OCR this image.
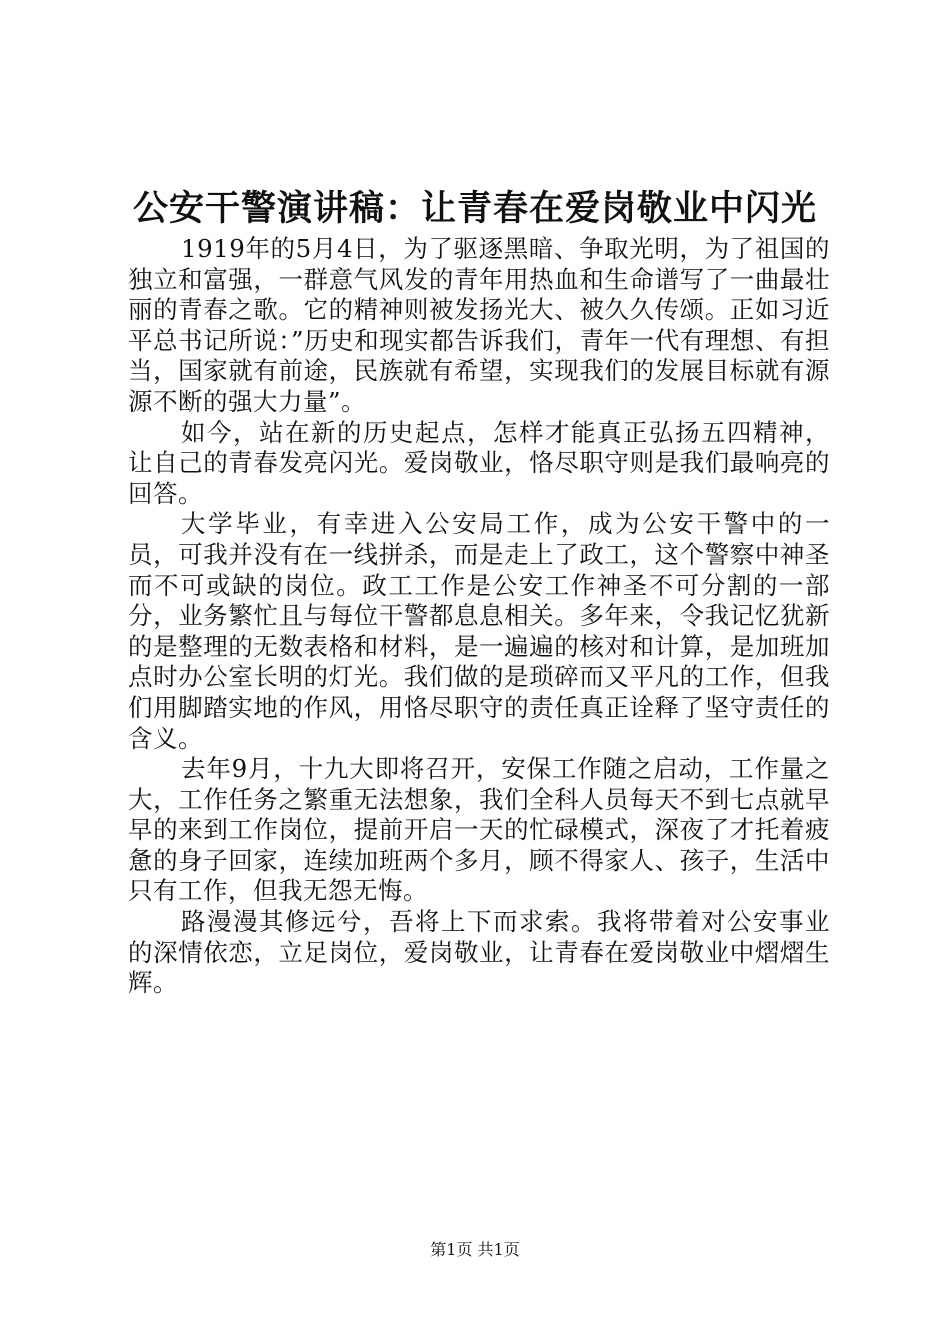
公安干警演讲稿：让青春在爱岗敬业中闪光

1919年的5月4日，为了驱逐黑暗、争取光明，为了祖国的独立和富强，一群意气风发的青年用热血和生命谱写了一曲最壮丽的青春之歌。它的精神则被发扬光大、被久久传颂。正如习近平总书记所说：”历史和现实都告诉我们，青年一代有理想、有担当，国家就有前途，民族就有希望，实现我们的发展目标就有源源不断的强大力量”。

如今，站在新的历史起点，怎样才能真正弘扬五四精神，让自己的青春发亮闪光。爱岗敬业，恪尽职守则是我们最响亮的回答。

大学毕业，有幸进入公安局工作，成为公安干警中的一员，可我并没有在一线拼杀，而是走上了政工，这个警察中神圣而不可或缺的岗位。政工工作是公安工作神圣不可分割的一部分，业务繁忙且与每位干警都息息相关。多年来，令我记忆犹新的是整理的无数表格和材料，是一遍遍的核对和计算，是加班加点时办公室长明的灯光。我们做的是琐碎而又平凡的工作，但我们用脚踏实地的作风，用恪尽职守的责任真正诠释了坚守责任的含义。

去年9月，十九大即将召开，安保工作随之启动，工作量之大，工作任务之繁重无法想象，我们全科人员每天不到七点就早早的来到工作岗位，提前开启一天的忙碌模式，深夜了才托着疲惫的身子回家，连续加班两个多月，顾不得家人、孩子，生活中只有工作，但我无怨无悔。

路漫漫其修远兮，吾将上下而求索。我将带着对公安事业的深情依恋，立足岗位，爱岗敬业，让青春在爱岗敬业中熠熠生辉。

第1页 共1页
